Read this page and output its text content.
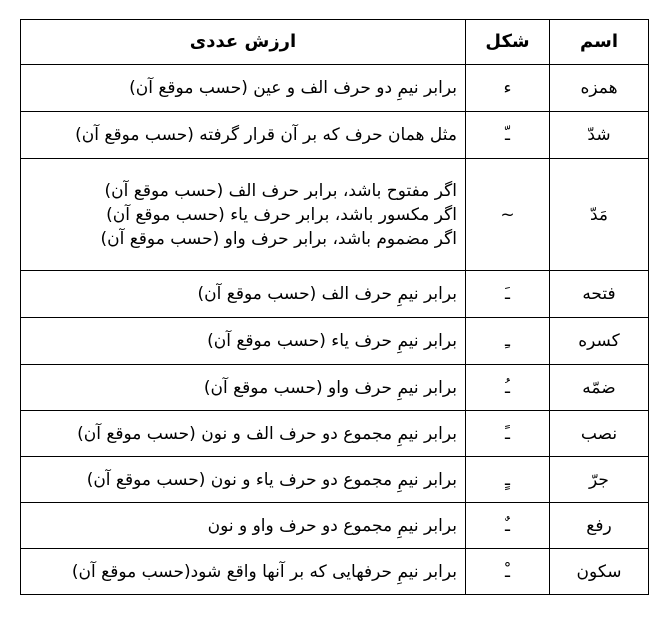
اسم	شکل	ارزش عددی
همزه	ء	برابر نیمِ دو حرف الف و عین (حسب موقع آن)

شدّ	ـّ	مثل همان حرف که بر آن قرار گرفته (حسب موقع آن)

مَدّ	~	اگر مفتوح باشد، برابر حرف الف (حسب موقع آن)
اگر مکسور باشد، برابر حرف یاء (حسب موقع آن)
اگر مضموم باشد، برابر حرف واو (حسب موقع آن)

فتحه	ـَ	برابر نیمِ حرف الف (حسب موقع آن)

کسره	ـِ	برابر نیمِ حرف یاء (حسب موقع آن)

ضمّه	ـُ	برابر نیمِ حرف واو (حسب موقع آن)

نصب	ـً	برابر نیمِ مجموع دو حرف الف و نون (حسب موقع آن)

جرّ	ـٍ	برابر نیمِ مجموع دو حرف یاء و نون (حسب موقع آن)

رفع	ـٌ	برابر نیمِ مجموع دو حرف واو و نون

سکون	ـْ	برابر نیمِ حرفهایی که بر آنها واقع شود(حسب موقع آن)
